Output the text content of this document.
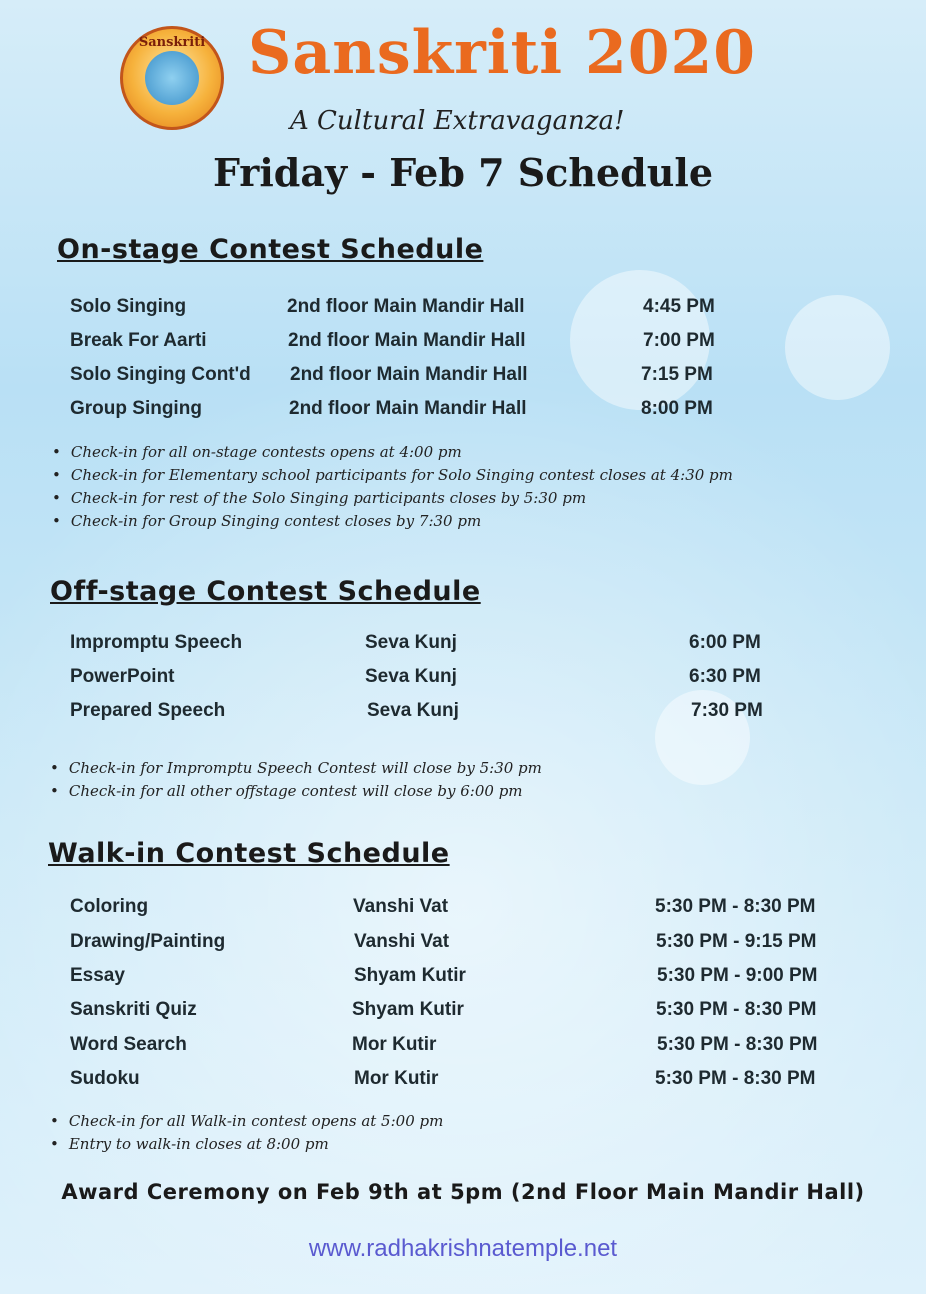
Sanskriti Sanskriti 2020
A Cultural Extravaganza!
Friday - Feb 7 Schedule
On-stage Contest Schedule
Solo Singing	2nd floor Main Mandir Hall	4:45 PM
Break For Aarti	2nd floor Main Mandir Hall	7:00 PM
Solo Singing Cont'd 2nd floor Main Mandir Hall	7:15 PM
Group Singing	2nd floor Main Mandir Hall	8:00 PM
• Check-in for all on-stage contests opens at 4:00 pm
• Check-in for Elementary school participants for Solo Singing contest closes at 4:30 pm
• Check-in for rest of the Solo Singing participants closes by 5:30 pm
• Check-in for Group Singing contest closes by 7:30 pm
Off-stage Contest Schedule
Impromptu Speech	Seva Kunj	6:00 PM
PowerPoint	Seva Kunj	6:30 PM
Prepared Speech	Seva Kunj	7:30 PM
• Check-in for Impromptu Speech Contest will close by 5:30 pm
• Check-in for all other offstage contest will close by 6:00 pm
Walk-in Contest Schedule
Coloring	Vanshi Vat	5:30 PM - 8:30 PM
Drawing/Painting	Vanshi Vat	5:30 PM - 9:15 PM
Essay	Shyam Kutir	5:30 PM - 9:00 PM
Sanskriti Quiz	Shyam Kutir	5:30 PM - 8:30 PM
Word Search	Mor Kutir	5:30 PM - 8:30 PM
Sudoku	Mor Kutir	5:30 PM - 8:30 PM
• Check-in for all Walk-in contest opens at 5:00 pm
• Entry to walk-in closes at 8:00 pm
Award Ceremony on Feb 9th at 5pm (2nd Floor Main Mandir Hall)
www.radhakrishnatemple.net
